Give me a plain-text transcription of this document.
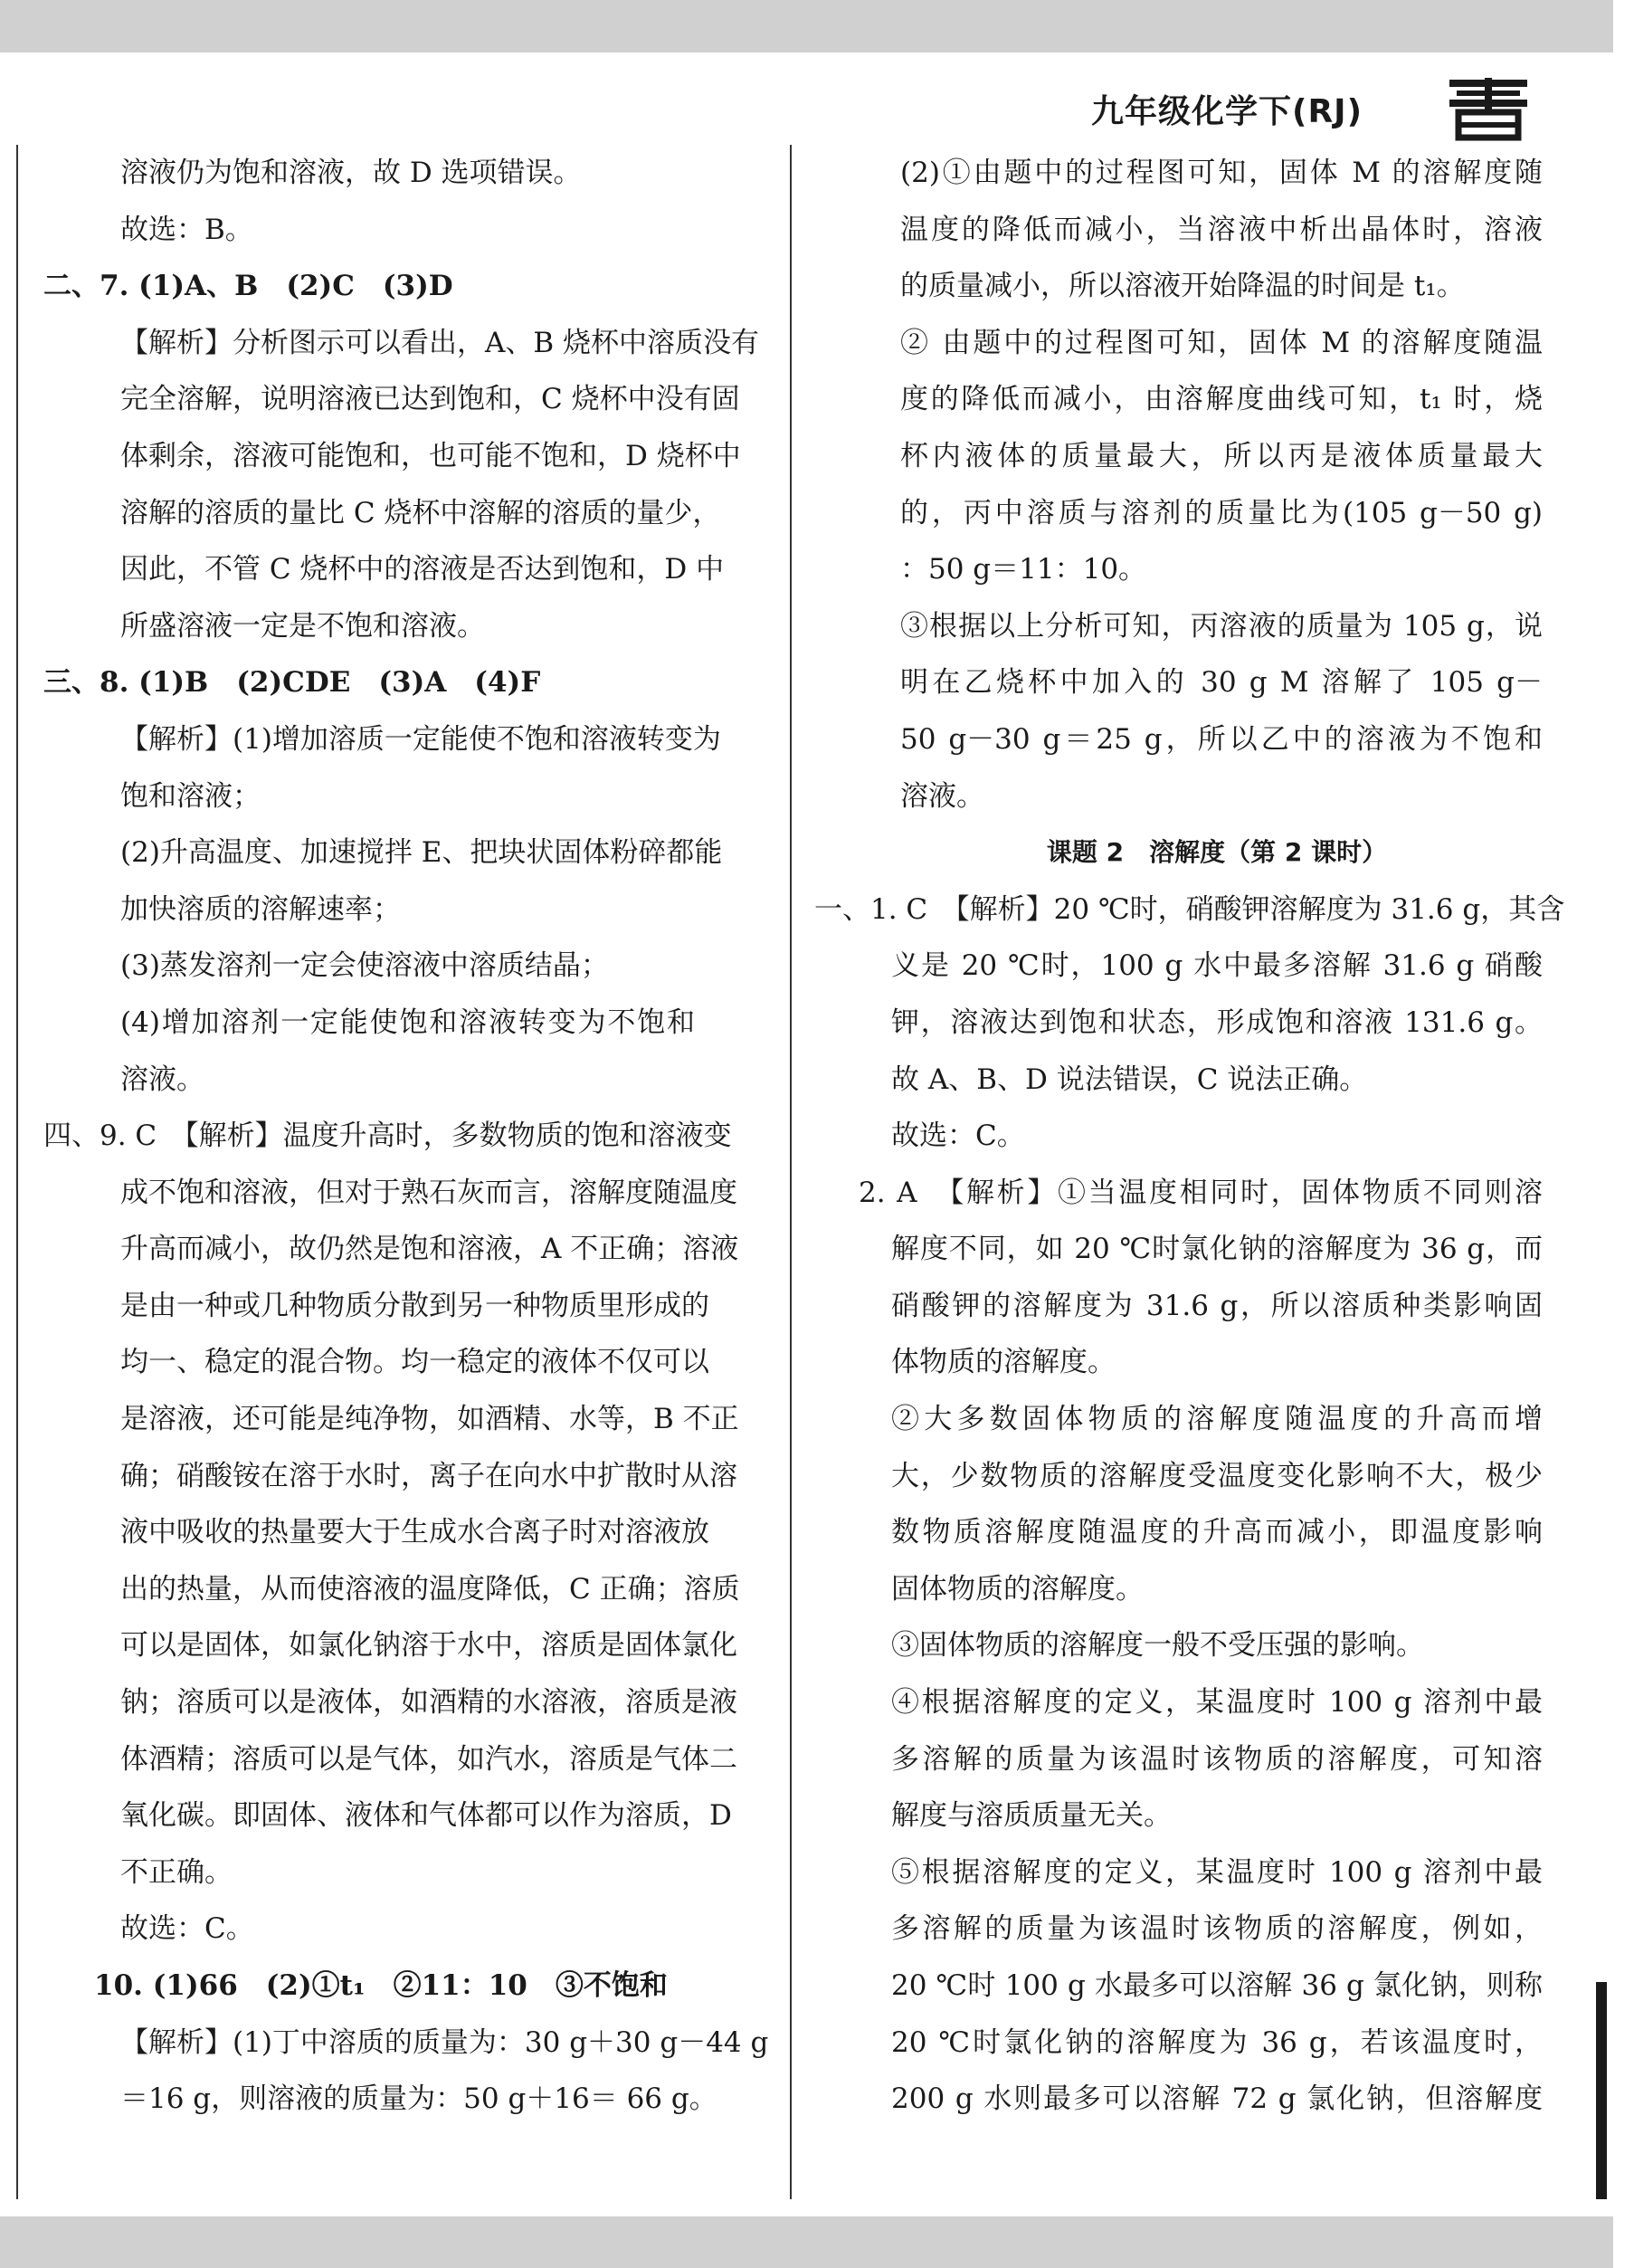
九年级化学下(RJ)
溶液仍为饱和溶液，故 D 选项错误。
故选：B。
二、7. (1)A、B　(2)C　(3)D
【解析】分析图示可以看出，A、B 烧杯中溶质没有
完全溶解，说明溶液已达到饱和，C 烧杯中没有固
体剩余，溶液可能饱和，也可能不饱和，D 烧杯中
溶解的溶质的量比 C 烧杯中溶解的溶质的量少，
因此，不管 C 烧杯中的溶液是否达到饱和，D 中
所盛溶液一定是不饱和溶液。
三、8. (1)B　(2)CDE　(3)A　(4)F
【解析】(1)增加溶质一定能使不饱和溶液转变为
饱和溶液；
(2)升高温度、加速搅拌 E、把块状固体粉碎都能
加快溶质的溶解速率；
(3)蒸发溶剂一定会使溶液中溶质结晶；
(4)增加溶剂一定能使饱和溶液转变为不饱和
溶液。
四、9. C　【解析】温度升高时，多数物质的饱和溶液变
成不饱和溶液，但对于熟石灰而言，溶解度随温度
升高而减小，故仍然是饱和溶液，A 不正确；溶液
是由一种或几种物质分散到另一种物质里形成的
均一、稳定的混合物。均一稳定的液体不仅可以
是溶液，还可能是纯净物，如酒精、水等，B 不正
确；硝酸铵在溶于水时，离子在向水中扩散时从溶
液中吸收的热量要大于生成水合离子时对溶液放
出的热量，从而使溶液的温度降低，C 正确；溶质
可以是固体，如氯化钠溶于水中，溶质是固体氯化
钠；溶质可以是液体，如酒精的水溶液，溶质是液
体酒精；溶质可以是气体，如汽水，溶质是气体二
氧化碳。即固体、液体和气体都可以作为溶质，D
不正确。
故选：C。
10. (1)66　(2)①t₁　②11：10　③不饱和
【解析】(1)丁中溶质的质量为：30 g＋30 g－44 g
＝16 g，则溶液的质量为：50 g＋16＝ 66 g。
(2)①由题中的过程图可知，固体 M 的溶解度随
温度的降低而减小，当溶液中析出晶体时，溶液
的质量减小，所以溶液开始降温的时间是 t₁。
② 由题中的过程图可知，固体 M 的溶解度随温
度的降低而减小，由溶解度曲线可知，t₁ 时，烧
杯内液体的质量最大，所以丙是液体质量最大
的，丙中溶质与溶剂的质量比为(105 g－50 g)
：50 g＝11：10。
③根据以上分析可知，丙溶液的质量为 105 g，说
明在乙烧杯中加入的 30 g M 溶解了 105 g－
50 g－30 g＝25 g，所以乙中的溶液为不饱和
溶液。
课题 2　溶解度（第 2 课时）
一、1. C　【解析】20 ℃时，硝酸钾溶解度为 31.6 g，其含
义是 20 ℃时，100 g 水中最多溶解 31.6 g 硝酸
钾，溶液达到饱和状态，形成饱和溶液 131.6 g。
故 A、B、D 说法错误，C 说法正确。
故选：C。
2. A　【解析】①当温度相同时，固体物质不同则溶
解度不同，如 20 ℃时氯化钠的溶解度为 36 g，而
硝酸钾的溶解度为 31.6 g，所以溶质种类影响固
体物质的溶解度。
②大多数固体物质的溶解度随温度的升高而增
大，少数物质的溶解度受温度变化影响不大，极少
数物质溶解度随温度的升高而减小，即温度影响
固体物质的溶解度。
③固体物质的溶解度一般不受压强的影响。
④根据溶解度的定义，某温度时 100 g 溶剂中最
多溶解的质量为该温时该物质的溶解度，可知溶
解度与溶质质量无关。
⑤根据溶解度的定义，某温度时 100 g 溶剂中最
多溶解的质量为该温时该物质的溶解度，例如，
20 ℃时 100 g 水最多可以溶解 36 g 氯化钠，则称
20 ℃时氯化钠的溶解度为 36 g，若该温度时，
200 g 水则最多可以溶解 72 g 氯化钠，但溶解度
